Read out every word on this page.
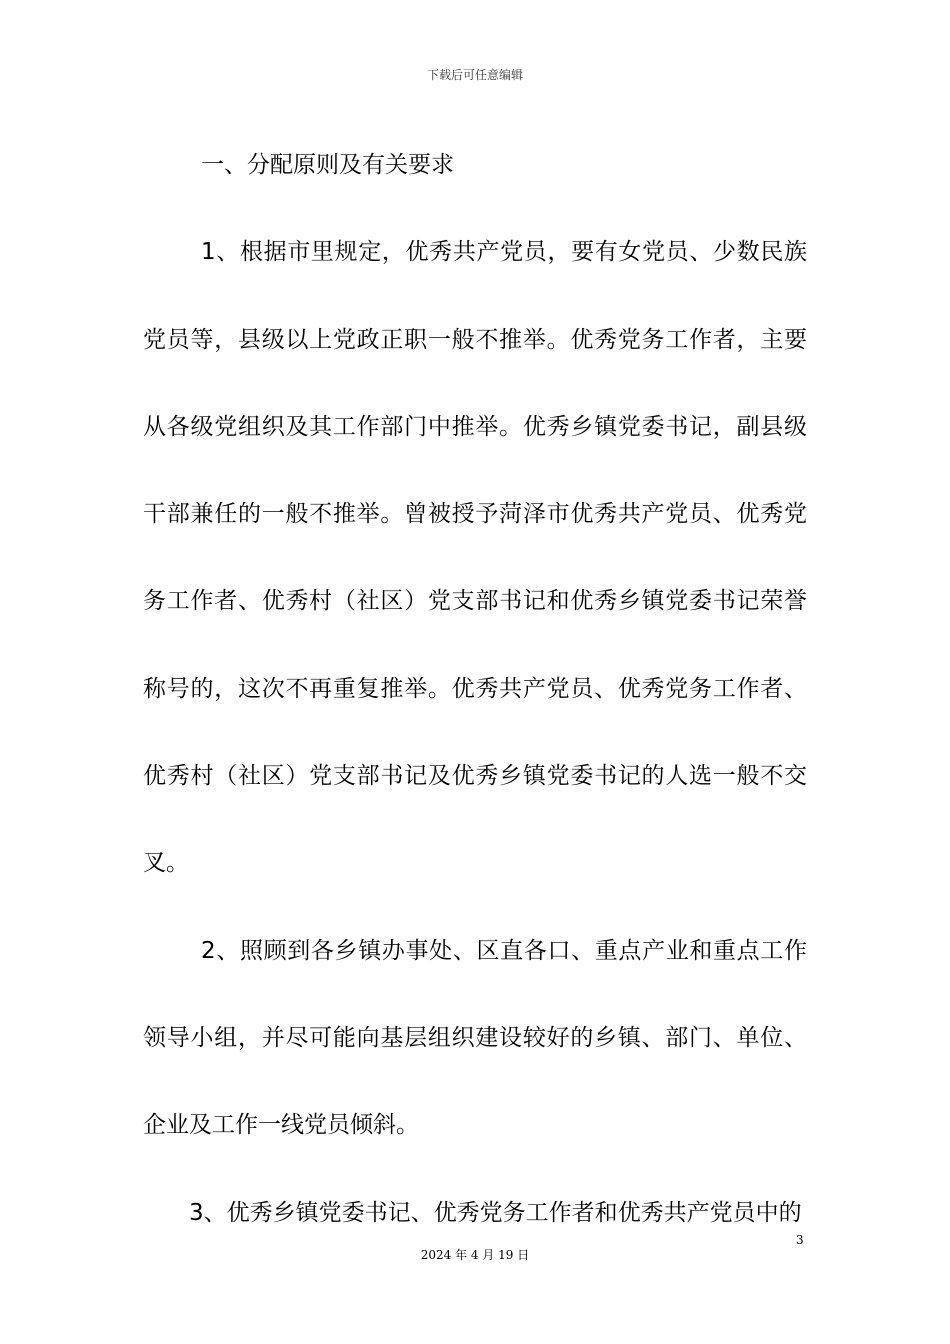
下载后可任意编辑

一、分配原则及有关要求

1、根据市里规定，优秀共产党员，要有女党员、少数民族党员等，县级以上党政正职一般不推举。优秀党务工作者，主要从各级党组织及其工作部门中推举。优秀乡镇党委书记，副县级干部兼任的一般不推举。曾被授予菏泽市优秀共产党员、优秀党务工作者、优秀村（社区）党支部书记和优秀乡镇党委书记荣誉称号的，这次不再重复推举。优秀共产党员、优秀党务工作者、优秀村（社区）党支部书记及优秀乡镇党委书记的人选一般不交叉。

2、照顾到各乡镇办事处、区直各口、重点产业和重点工作领导小组，并尽可能向基层组织建设较好的乡镇、部门、单位、企业及工作一线党员倾斜。

3、优秀乡镇党委书记、优秀党务工作者和优秀共产党员中的

3
2024 年 4 月 19 日
